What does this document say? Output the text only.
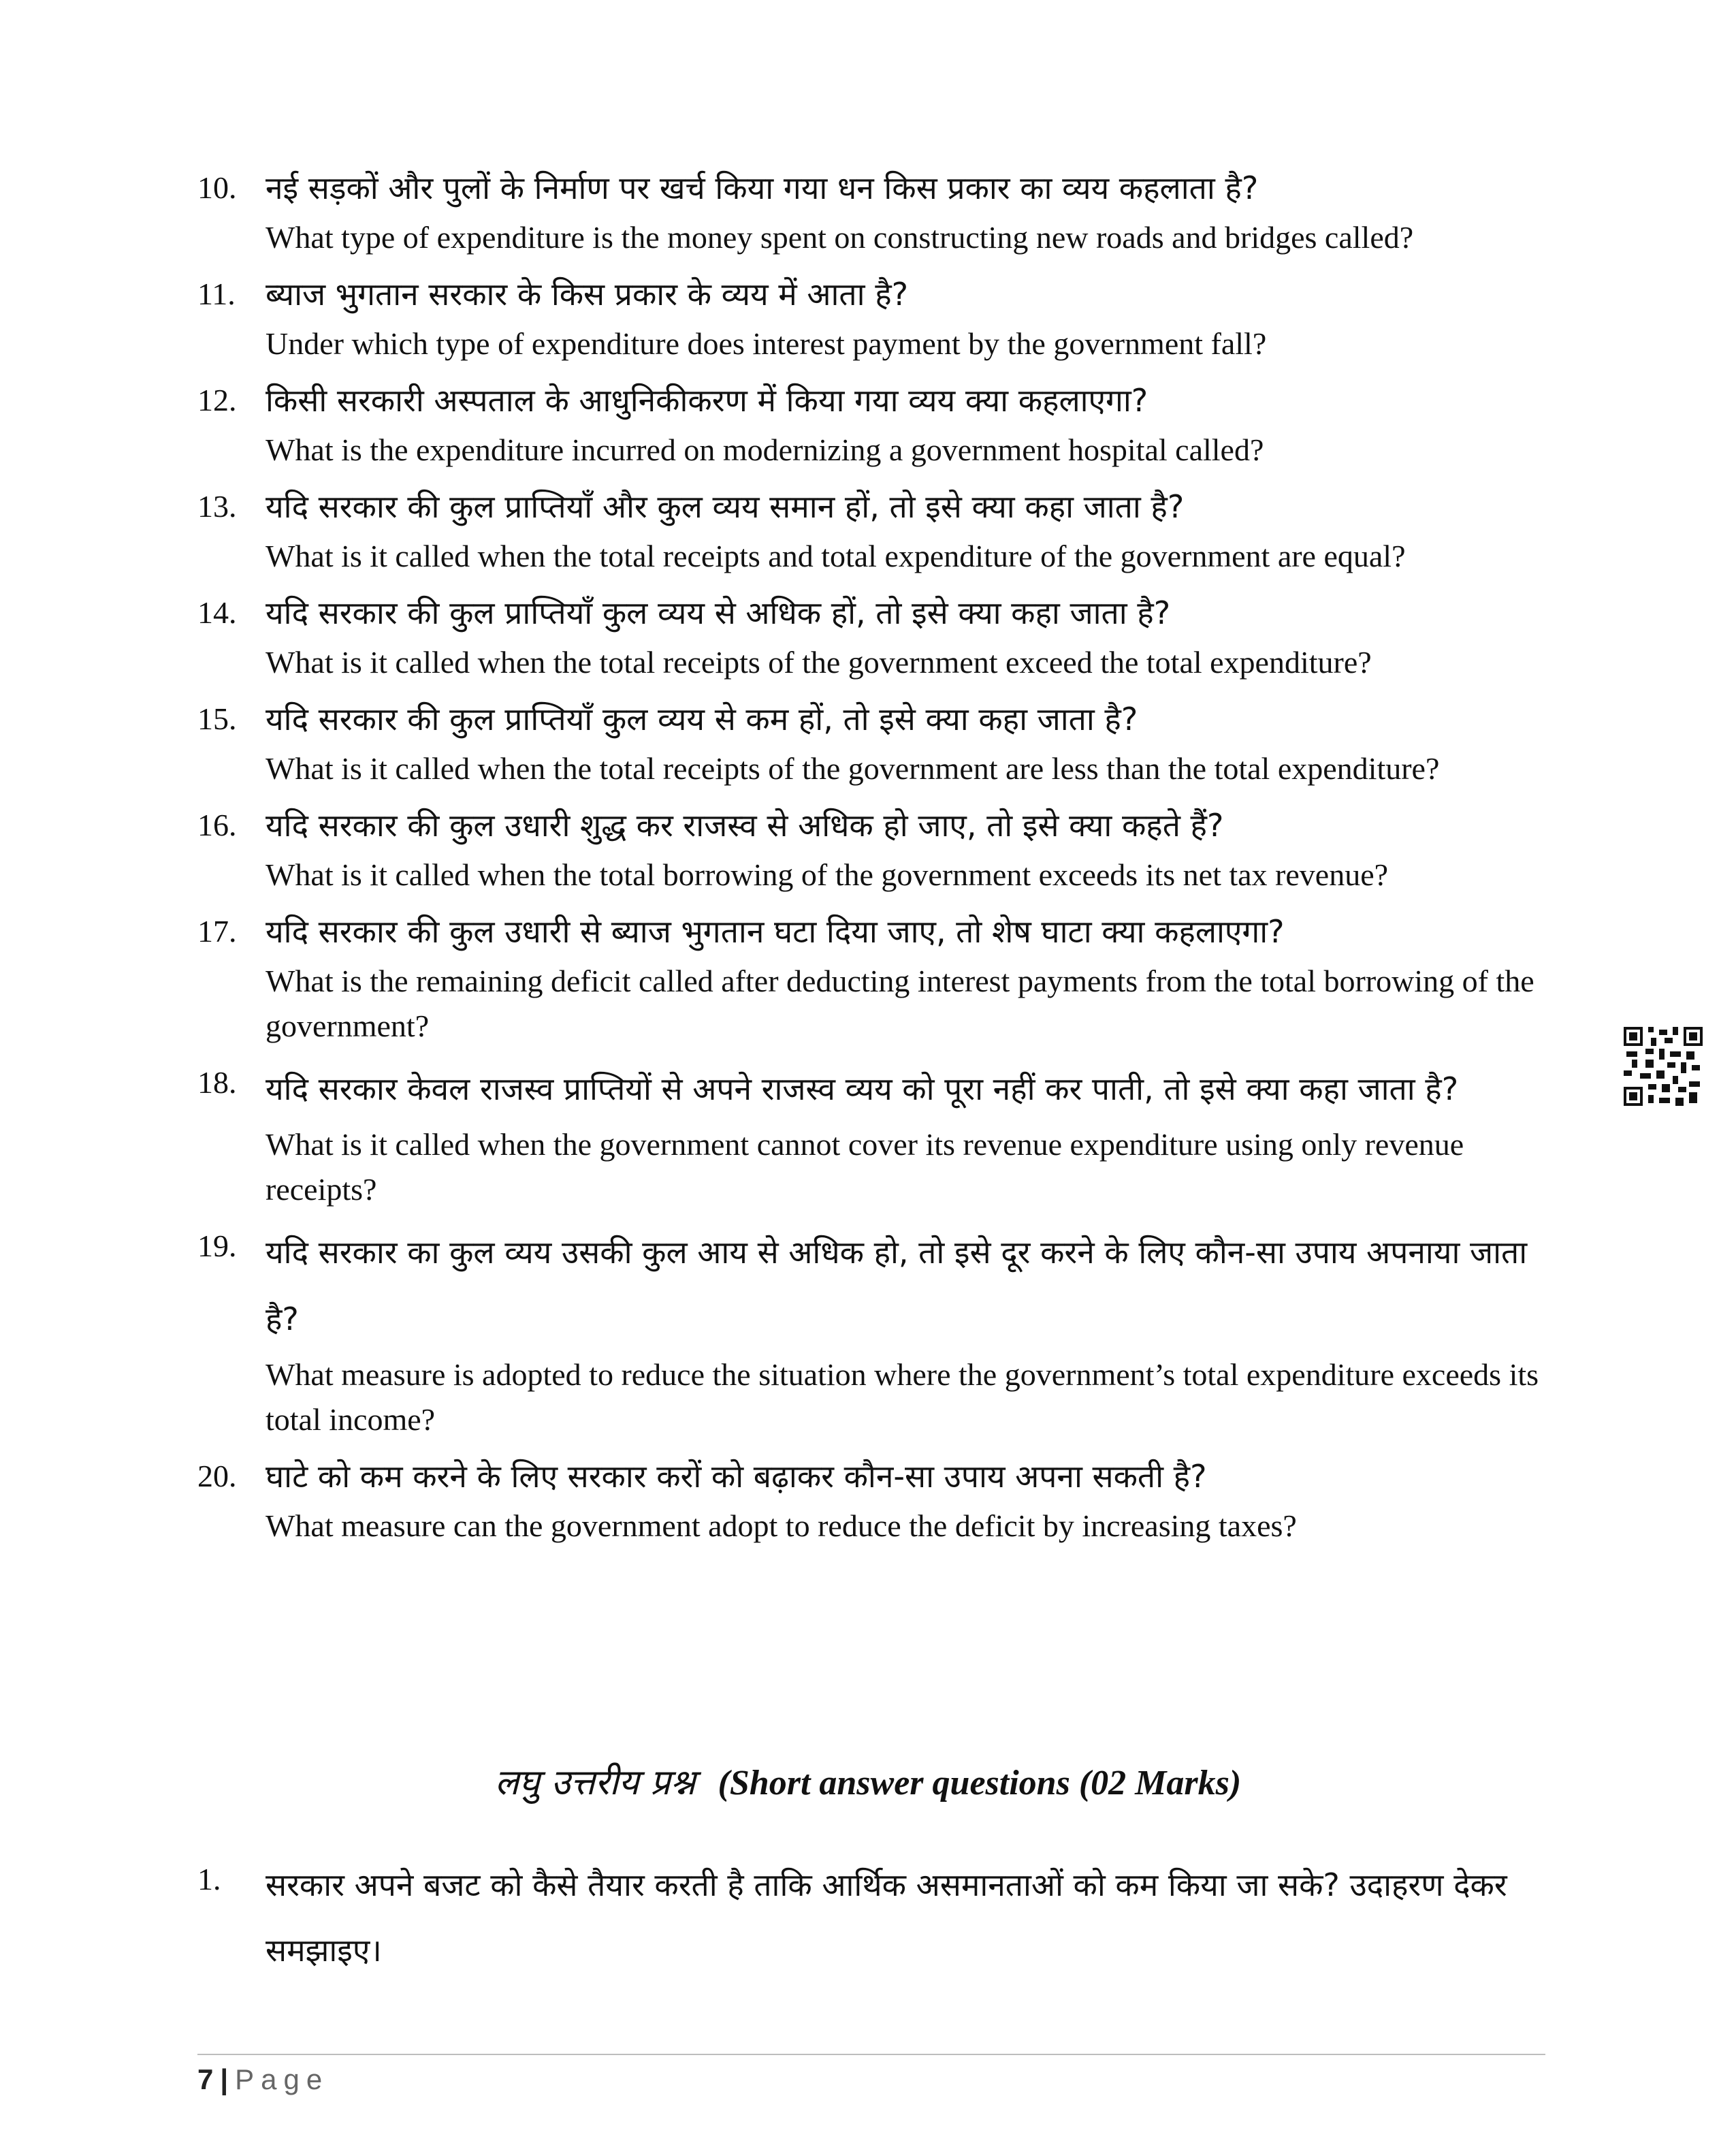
10. नई सड़कों और पुलों के निर्माण पर खर्च किया गया धन किस प्रकार का व्यय कहलाता है?

What type of expenditure is the money spent on constructing new roads and bridges called?

11. ब्याज भुगतान सरकार के किस प्रकार के व्यय में आता है?

Under which type of expenditure does interest payment by the government fall?

12. किसी सरकारी अस्पताल के आधुनिकीकरण में किया गया व्यय क्या कहलाएगा?

What is the expenditure incurred on modernizing a government hospital called?

13. यदि सरकार की कुल प्राप्तियाँ और कुल व्यय समान हों, तो इसे क्या कहा जाता है?

What is it called when the total receipts and total expenditure of the government are equal?

14. यदि सरकार की कुल प्राप्तियाँ कुल व्यय से अधिक हों, तो इसे क्या कहा जाता है?

What is it called when the total receipts of the government exceed the total expenditure?

15. यदि सरकार की कुल प्राप्तियाँ कुल व्यय से कम हों, तो इसे क्या कहा जाता है?

What is it called when the total receipts of the government are less than the total expenditure?

16. यदि सरकार की कुल उधारी शुद्ध कर राजस्व से अधिक हो जाए, तो इसे क्या कहते हैं?

What is it called when the total borrowing of the government exceeds its net tax revenue?

17. यदि सरकार की कुल उधारी से ब्याज भुगतान घटा दिया जाए, तो शेष घाटा क्या कहलाएगा?

What is the remaining deficit called after deducting interest payments from the total borrowing of the government?

18. यदि सरकार केवल राजस्व प्राप्तियों से अपने राजस्व व्यय को पूरा नहीं कर पाती, तो इसे क्या कहा जाता है?

What is it called when the government cannot cover its revenue expenditure using only revenue receipts?

19. यदि सरकार का कुल व्यय उसकी कुल आय से अधिक हो, तो इसे दूर करने के लिए कौन-सा उपाय अपनाया जाता है?

What measure is adopted to reduce the situation where the government’s total expenditure exceeds its total income?

20. घाटे को कम करने के लिए सरकार करों को बढ़ाकर कौन-सा उपाय अपना सकती है?

What measure can the government adopt to reduce the deficit by increasing taxes?

लघु उत्तरीय प्रश्न (Short answer questions (02 Marks)
1. सरकार अपने बजट को कैसे तैयार करती है ताकि आर्थिक असमानताओं को कम किया जा सके? उदाहरण देकर समझाइए।

7 | Page
